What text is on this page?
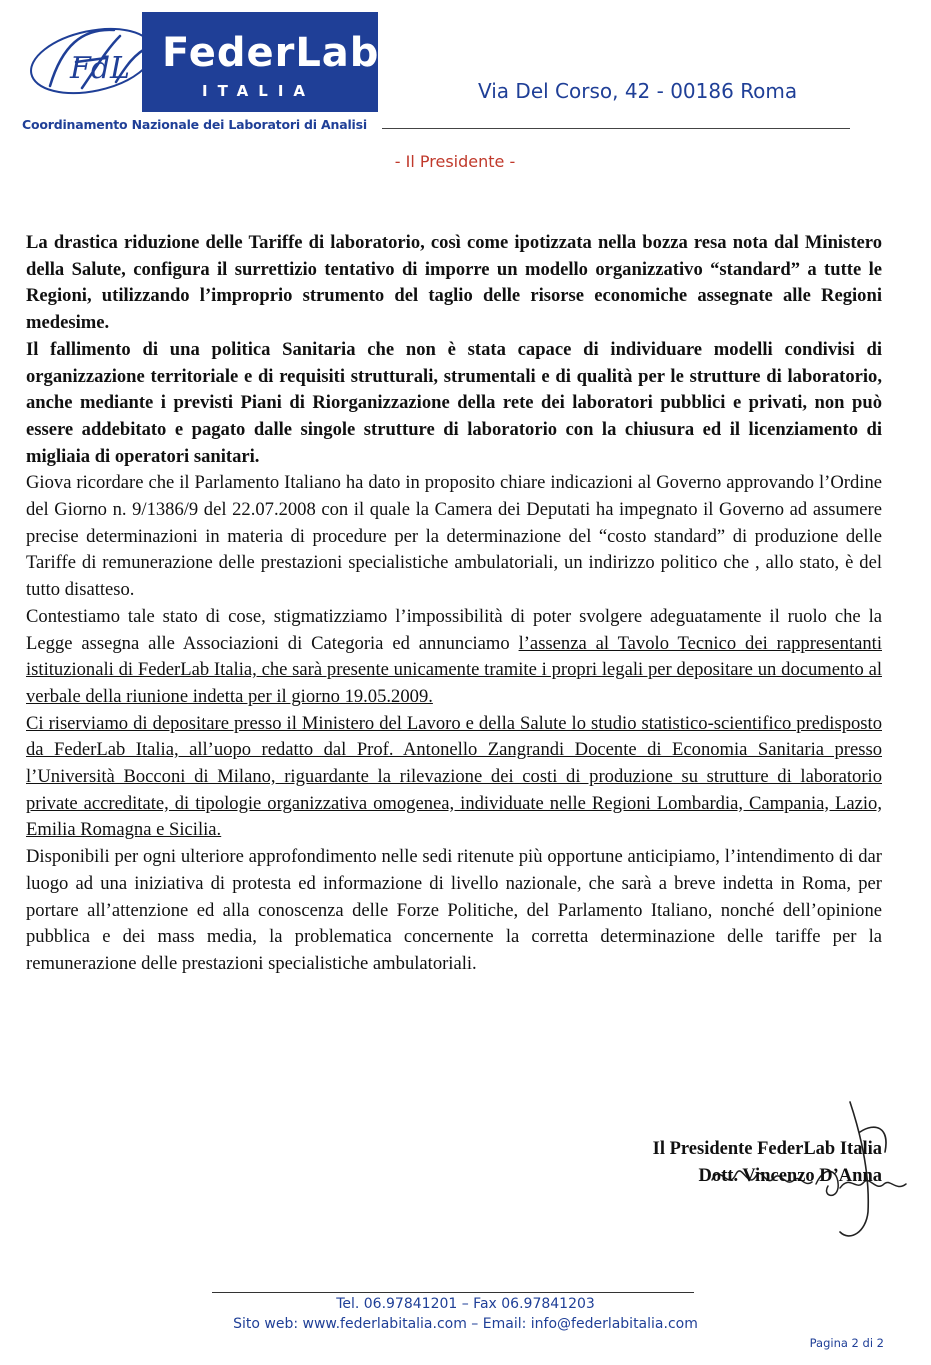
FdL FederLab
ITALIA
Coordinamento Nazionale dei Laboratori di Analisi
Via Del Corso, 42 - 00186 Roma
- Il Presidente -

La drastica riduzione delle Tariffe di laboratorio, così come ipotizzata nella bozza resa nota dal Ministero della Salute, configura il surrettizio tentativo di imporre un modello organizzativo “standard” a tutte le Regioni, utilizzando l’improprio strumento del taglio delle risorse economiche assegnate alle Regioni medesime.

Il fallimento di una politica Sanitaria che non è stata capace di individuare modelli condivisi di organizzazione territoriale e di requisiti strutturali, strumentali e di qualità per le strutture di laboratorio, anche mediante i previsti Piani di Riorganizzazione della rete dei laboratori pubblici e privati, non può essere addebitato e pagato dalle singole strutture di laboratorio con la chiusura ed il licenziamento di migliaia di operatori sanitari.

Giova ricordare che il Parlamento Italiano ha dato in proposito chiare indicazioni al Governo approvando l’Ordine del Giorno n. 9/1386/9 del 22.07.2008 con il quale la Camera dei Deputati ha impegnato il Governo ad assumere precise determinazioni in materia di procedure per la determinazione del “costo standard” di produzione delle Tariffe di remunerazione delle prestazioni specialistiche ambulatoriali, un indirizzo politico che , allo stato, è del tutto disatteso.

Contestiamo tale stato di cose, stigmatizziamo l’impossibilità di poter svolgere adeguatamente il ruolo che la Legge assegna alle Associazioni di Categoria ed annunciamo l’assenza al Tavolo Tecnico dei rappresentanti istituzionali di FederLab Italia, che sarà presente unicamente tramite i propri legali per depositare un documento al verbale della riunione indetta per il giorno 19.05.2009.

Ci riserviamo di depositare presso il Ministero del Lavoro e della Salute lo studio statistico-scientifico predisposto da FederLab Italia, all’uopo redatto dal Prof. Antonello Zangrandi Docente di Economia Sanitaria presso l’Università Bocconi di Milano, riguardante la rilevazione dei costi di produzione su strutture di laboratorio private accreditate, di tipologie organizzativa omogenea, individuate nelle Regioni Lombardia, Campania, Lazio, Emilia Romagna e Sicilia.

Disponibili per ogni ulteriore approfondimento nelle sedi ritenute più opportune anticipiamo, l’intendimento di dar luogo ad una iniziativa di protesta ed informazione di livello nazionale, che sarà a breve indetta in Roma, per portare all’attenzione ed alla conoscenza delle Forze Politiche, del Parlamento Italiano, nonché dell’opinione pubblica e dei mass media, la problematica concernente la corretta determinazione delle tariffe per la remunerazione delle prestazioni specialistiche ambulatoriali.

Il Presidente FederLab Italia
Dott. Vincenzo D’Anna
Tel. 06.97841201 – Fax 06.97841203
Sito web: www.federlabitalia.com – Email: info@federlabitalia.com
Pagina 2 di 2
